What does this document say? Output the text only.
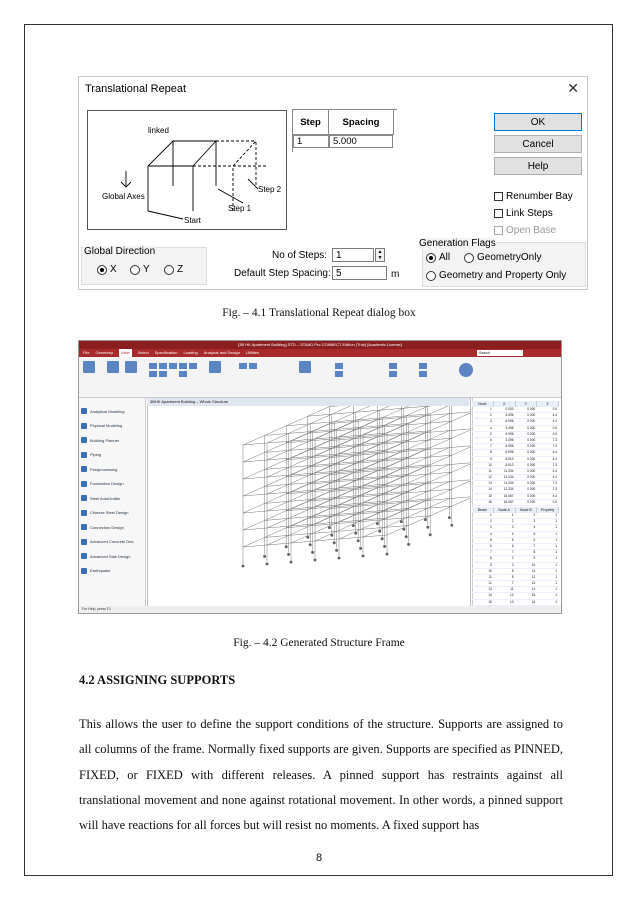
Translational Repeat	✕
linked
Global Axes
Start
Step 1
Step 2
Step	Spacing
1	5.000
OK
Cancel
Help
Renumber Bay
Link Steps
Open Base
Global Direction
X	Y	Z
No of Steps: 1	▲
▼
Default Step Spacing: 5	m
Generation Flags
All	GeometryOnly
Geometry and Property Only
Fig. – 4.1 Translational Repeat dialog box
[3B HK Apartment Building].STD – STAAD.Pro CONNECT Edition (Trial) [Academic License]
File Geometry	View	Select Specification Loading Analysis and Design Utilities	Search
Analytical Modeling
Physical Modeling
Building Planner
Piping
Postprocessing
Foundation Design
Steel AutoDrafter
Chinese Steel Design
Connection Design
Advanced Concrete Des.
Advanced Slab Design
Earthquake
3BHK Apartment Building – Whole Structure	Node	X	Y	Z
1	0.000	0.000	0.0
2	3.496	0.000	4.4
3	6.996	0.000	4.4
4	3.496	0.000	0.0
5	6.996	0.000	0.0
6	3.496	0.000	7.3
7	6.996	0.000	7.3
8	6.996	0.000	4.4
9	8.913	0.000	4.4
10	8.913	0.000	7.3
11	11.334	0.000	4.4
12	13.334	0.000	4.4
13	11.334	0.000	7.3
14	12.334	0.000	7.3
15	16.067	0.000	4.4
16	16.067	0.000	0.0
Beam	Node A	Node B	Property
1	1	2	1
2	2	3	1
3	3	4	1
4	4	5	1
5	5	6	1
6	6	7	1
7	7	8	1
8	2	9	1
9	3	10	1
10	5	11	1
11	8	12	1
12	7	13	1
13	11	14	1
14	12	15	1
15	13	16	1
17	15	18	1
For Help, press F1
Fig. – 4.2 Generated Structure Frame
4.2 ASSIGNING SUPPORTS
This allows the user to define the support conditions of the structure. Supports are assigned to all columns of the frame. Normally fixed supports are given. Supports are specified as PINNED, FIXED, or FIXED with different releases. A pinned support has restraints against all translational movement and none against rotational movement. In other words, a pinned support will have reactions for all forces but will resist no moments. A fixed support has
8
